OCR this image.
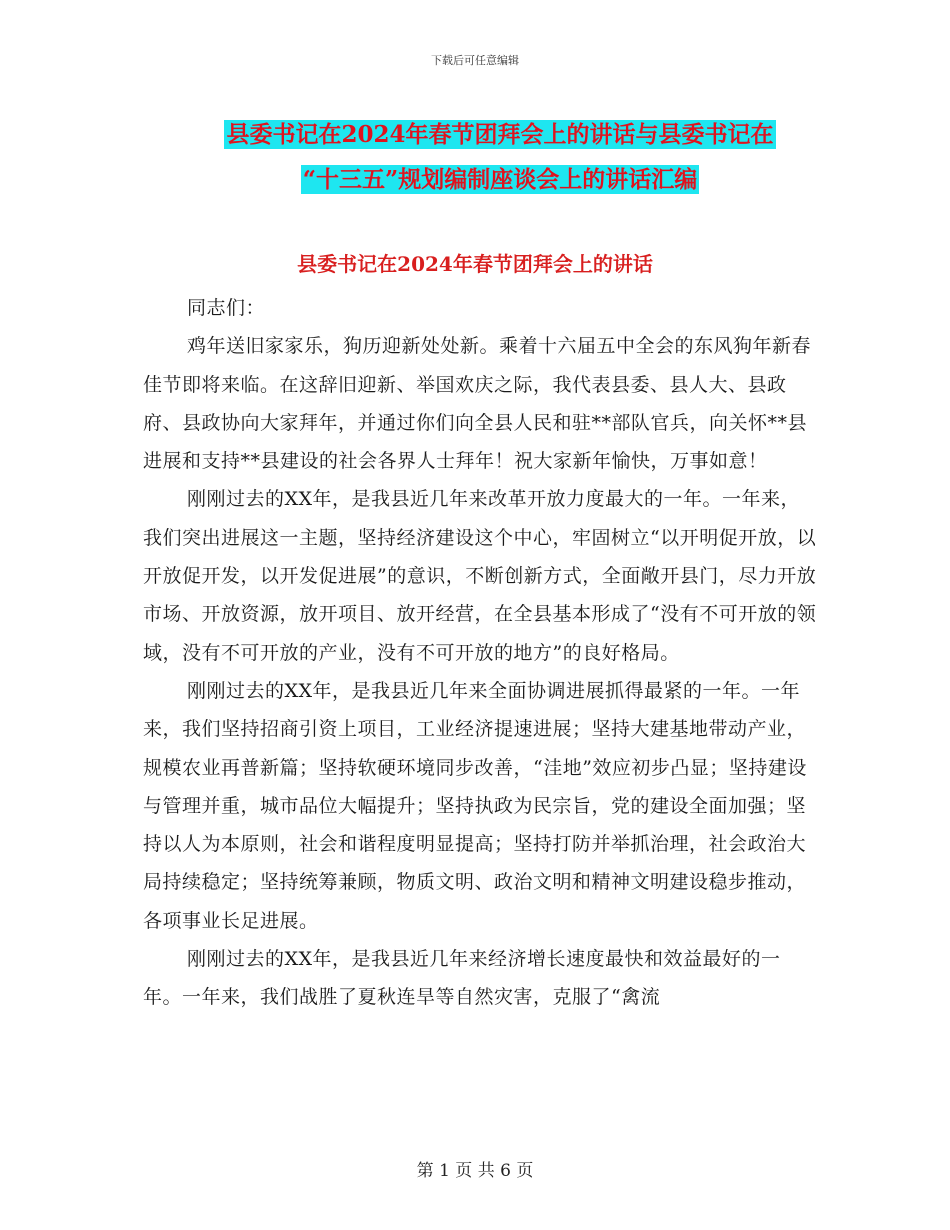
下载后可任意编辑
县委书记在2024年春节团拜会上的讲话与县委书记在
“十三五”规划编制座谈会上的讲话汇编
县委书记在2024年春节团拜会上的讲话

同志们：

鸡年送旧家家乐，狗历迎新处处新。乘着十六届五中全会的东风狗年新春佳节即将来临。在这辞旧迎新、举国欢庆之际，我代表县委、县人大、县政府、县政协向大家拜年，并通过你们向全县人民和驻**部队官兵，向关怀**县进展和支持**县建设的社会各界人士拜年！祝大家新年愉快，万事如意！

刚刚过去的XX年，是我县近几年来改革开放力度最大的一年。一年来，我们突出进展这一主题，坚持经济建设这个中心，牢固树立“以开明促开放，以开放促开发，以开发促进展”的意识，不断创新方式，全面敞开县门，尽力开放市场、开放资源，放开项目、放开经营，在全县基本形成了“没有不可开放的领域，没有不可开放的产业，没有不可开放的地方”的良好格局。

刚刚过去的XX年，是我县近几年来全面协调进展抓得最紧的一年。一年来，我们坚持招商引资上项目，工业经济提速进展；坚持大建基地带动产业，规模农业再普新篇；坚持软硬环境同步改善，“洼地”效应初步凸显；坚持建设与管理并重，城市品位大幅提升；坚持执政为民宗旨，党的建设全面加强；坚持以人为本原则，社会和谐程度明显提高；坚持打防并举抓治理，社会政治大局持续稳定；坚持统筹兼顾，物质文明、政治文明和精神文明建设稳步推动，各项事业长足进展。

刚刚过去的XX年，是我县近几年来经济增长速度最快和效益最好的一年。一年来，我们战胜了夏秋连旱等自然灾害，克服了“禽流

第 1 页 共 6 页
